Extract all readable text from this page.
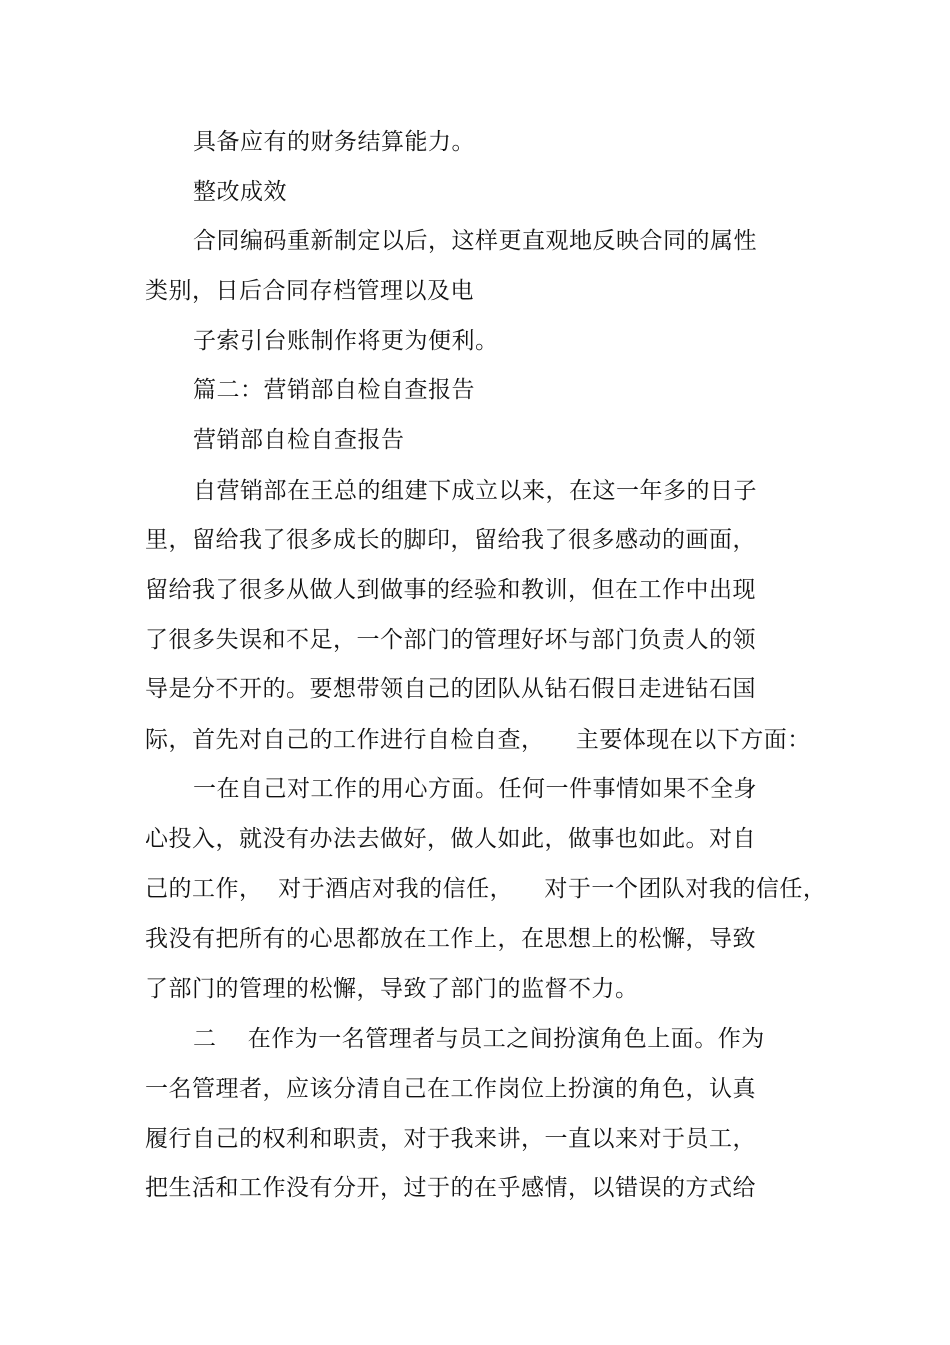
具备应有的财务结算能力。
整改成效
合同编码重新制定以后，这样更直观地反映合同的属性
类别，日后合同存档管理以及电
子索引台账制作将更为便利。
篇二：营销部自检自查报告
营销部自检自查报告
自营销部在王总的组建下成立以来，在这一年多的日子
里，留给我了很多成长的脚印，留给我了很多感动的画面，
留给我了很多从做人到做事的经验和教训，但在工作中出现
了很多失误和不足，一个部门的管理好坏与部门负责人的领
导是分不开的。要想带领自己的团队从钻石假日走进钻石国
际，首先对自己的工作进行自检自查，    主要体现在以下方面：
一在自己对工作的用心方面。任何一件事情如果不全身
心投入，就没有办法去做好，做人如此，做事也如此。对自
己的工作，  对于酒店对我的信任，    对于一个团队对我的信任，
我没有把所有的心思都放在工作上，在思想上的松懈，导致
了部门的管理的松懈，导致了部门的监督不力。
二    在作为一名管理者与员工之间扮演角色上面。作为
一名管理者，应该分清自己在工作岗位上扮演的角色，认真
履行自己的权利和职责，对于我来讲，一直以来对于员工，
把生活和工作没有分开，过于的在乎感情，以错误的方式给
